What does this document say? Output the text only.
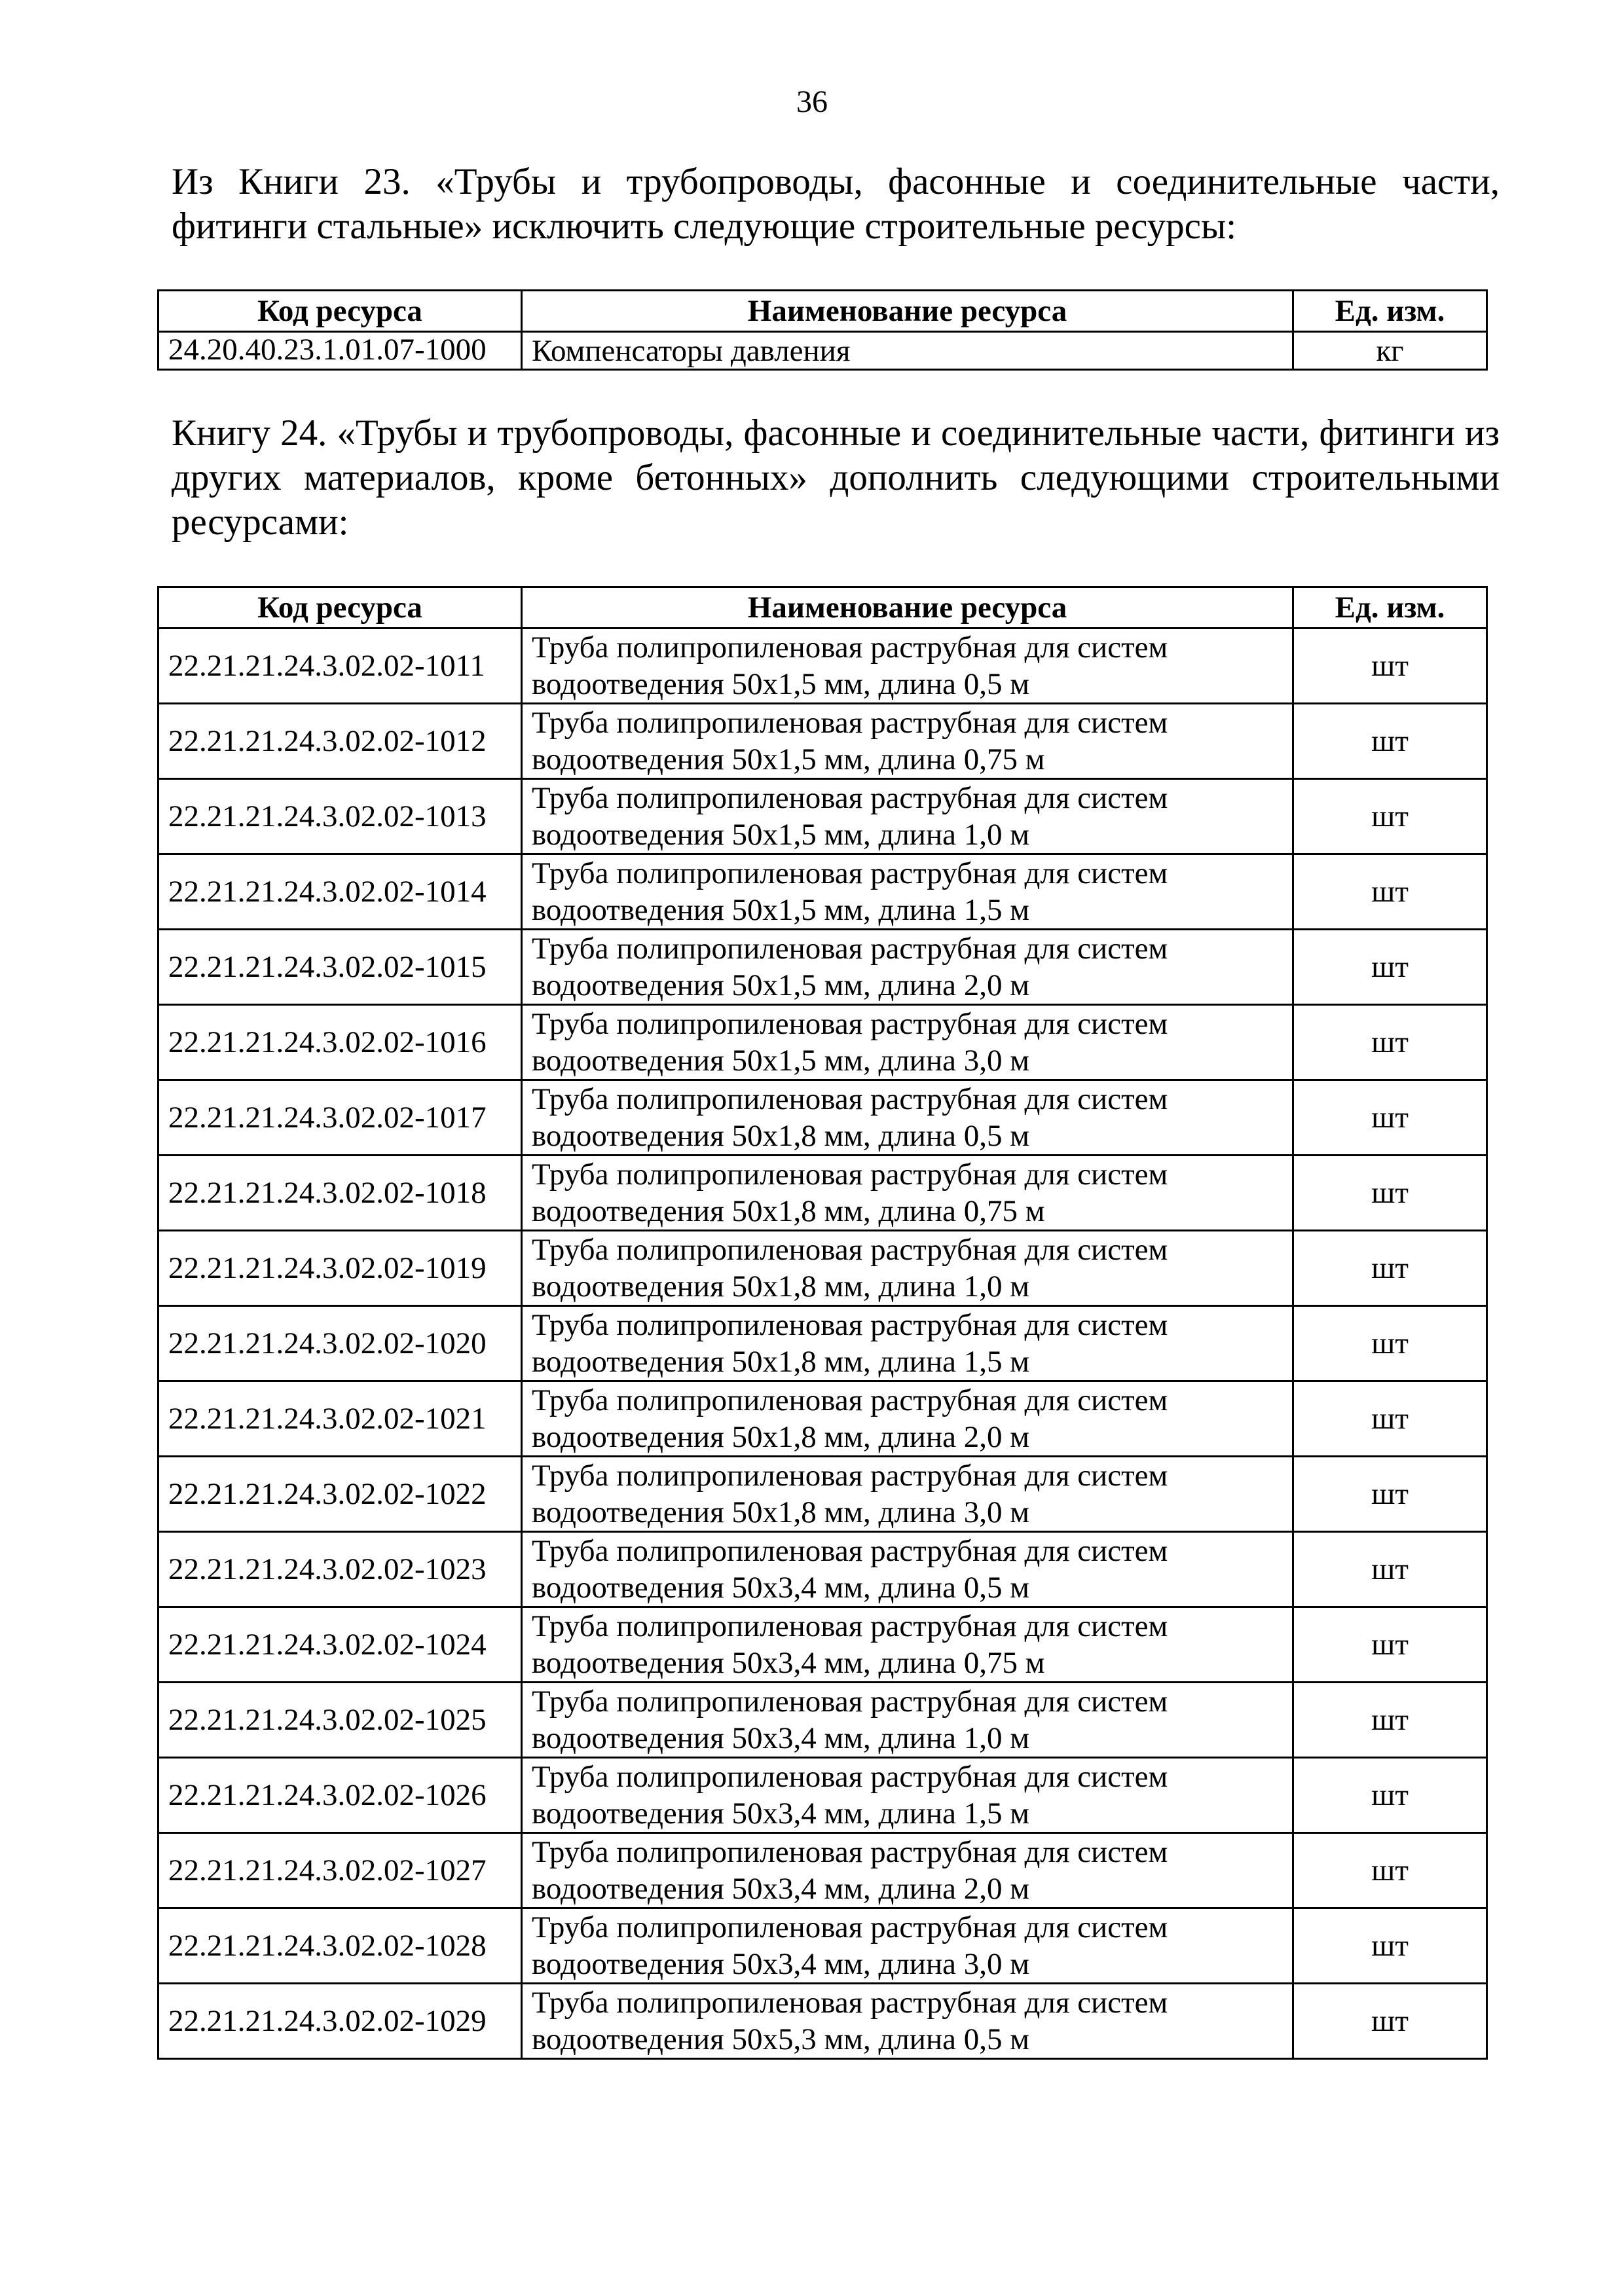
36

Из Книги 23. «Трубы и трубопроводы, фасонные и соединительные части, фитинги стальные» исключить следующие строительные ресурсы:

Код ресурса	Наименование ресурса	Ед. изм.
24.20.40.23.1.01.07-1000	Компенсаторы давления	кг

Книгу 24. «Трубы и трубопроводы, фасонные и соединительные части, фитинги из других материалов, кроме бетонных» дополнить следующими строительными ресурсами:

Код ресурса	Наименование ресурса	Ед. изм.
22.21.21.24.3.02.02-1011	Труба полипропиленовая раструбная для систем водоотведения 50х1,5 мм, длина 0,5 м	шт
22.21.21.24.3.02.02-1012	Труба полипропиленовая раструбная для систем водоотведения 50х1,5 мм, длина 0,75 м	шт
22.21.21.24.3.02.02-1013	Труба полипропиленовая раструбная для систем водоотведения 50х1,5 мм, длина 1,0 м	шт
22.21.21.24.3.02.02-1014	Труба полипропиленовая раструбная для систем водоотведения 50х1,5 мм, длина 1,5 м	шт
22.21.21.24.3.02.02-1015	Труба полипропиленовая раструбная для систем водоотведения 50х1,5 мм, длина 2,0 м	шт
22.21.21.24.3.02.02-1016	Труба полипропиленовая раструбная для систем водоотведения 50х1,5 мм, длина 3,0 м	шт
22.21.21.24.3.02.02-1017	Труба полипропиленовая раструбная для систем водоотведения 50х1,8 мм, длина 0,5 м	шт
22.21.21.24.3.02.02-1018	Труба полипропиленовая раструбная для систем водоотведения 50х1,8 мм, длина 0,75 м	шт
22.21.21.24.3.02.02-1019	Труба полипропиленовая раструбная для систем водоотведения 50х1,8 мм, длина 1,0 м	шт
22.21.21.24.3.02.02-1020	Труба полипропиленовая раструбная для систем водоотведения 50х1,8 мм, длина 1,5 м	шт
22.21.21.24.3.02.02-1021	Труба полипропиленовая раструбная для систем водоотведения 50х1,8 мм, длина 2,0 м	шт
22.21.21.24.3.02.02-1022	Труба полипропиленовая раструбная для систем водоотведения 50х1,8 мм, длина 3,0 м	шт
22.21.21.24.3.02.02-1023	Труба полипропиленовая раструбная для систем водоотведения 50х3,4 мм, длина 0,5 м	шт
22.21.21.24.3.02.02-1024	Труба полипропиленовая раструбная для систем водоотведения 50х3,4 мм, длина 0,75 м	шт
22.21.21.24.3.02.02-1025	Труба полипропиленовая раструбная для систем водоотведения 50х3,4 мм, длина 1,0 м	шт
22.21.21.24.3.02.02-1026	Труба полипропиленовая раструбная для систем водоотведения 50х3,4 мм, длина 1,5 м	шт
22.21.21.24.3.02.02-1027	Труба полипропиленовая раструбная для систем водоотведения 50х3,4 мм, длина 2,0 м	шт
22.21.21.24.3.02.02-1028	Труба полипропиленовая раструбная для систем водоотведения 50х3,4 мм, длина 3,0 м	шт
22.21.21.24.3.02.02-1029	Труба полипропиленовая раструбная для систем водоотведения 50х5,3 мм, длина 0,5 м	шт
